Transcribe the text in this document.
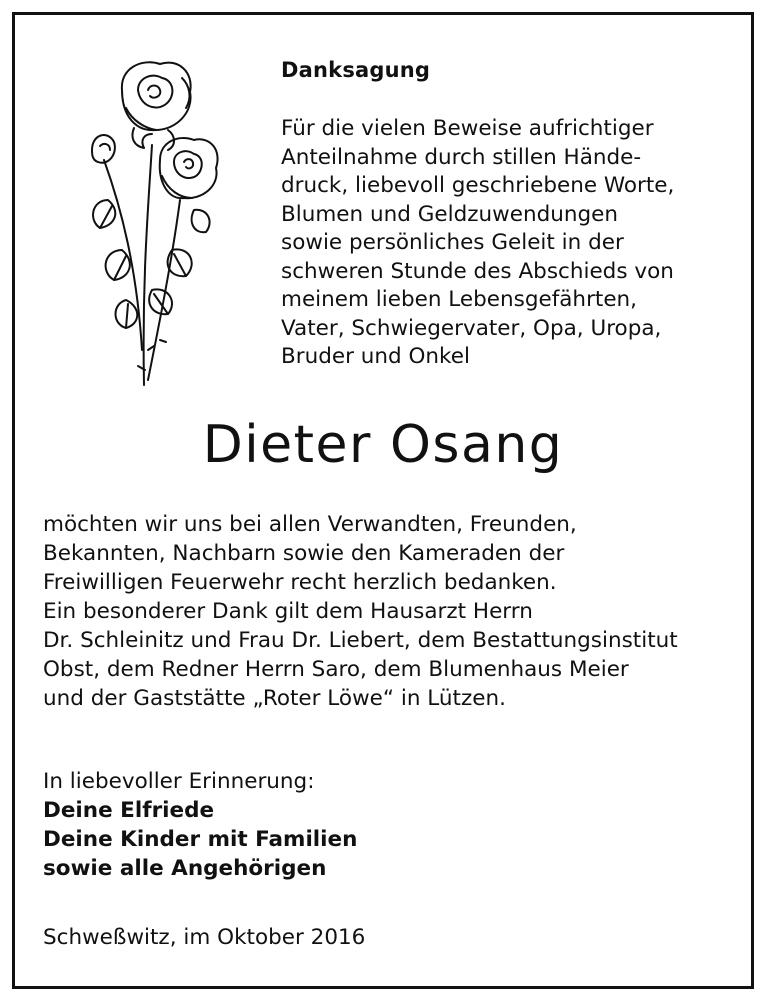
Danksagung
Für die vielen Beweise aufrichtiger
Anteilnahme durch stillen Hände-
druck, liebevoll geschriebene Worte,
Blumen und Geldzuwendungen
sowie persönliches Geleit in der
schweren Stunde des Abschieds von
meinem lieben Lebensgefährten,
Vater, Schwiegervater, Opa, Uropa,
Bruder und Onkel
Dieter Osang
möchten wir uns bei allen Verwandten, Freunden,
Bekannten, Nachbarn sowie den Kameraden der
Freiwilligen Feuerwehr recht herzlich bedanken.
Ein besonderer Dank gilt dem Hausarzt Herrn
Dr. Schleinitz und Frau Dr. Liebert, dem Bestattungsinstitut
Obst, dem Redner Herrn Saro, dem Blumenhaus Meier
und der Gaststätte „Roter Löwe“ in Lützen.
In liebevoller Erinnerung:
Deine Elfriede
Deine Kinder mit Familien
sowie alle Angehörigen
Schweßwitz, im Oktober 2016
